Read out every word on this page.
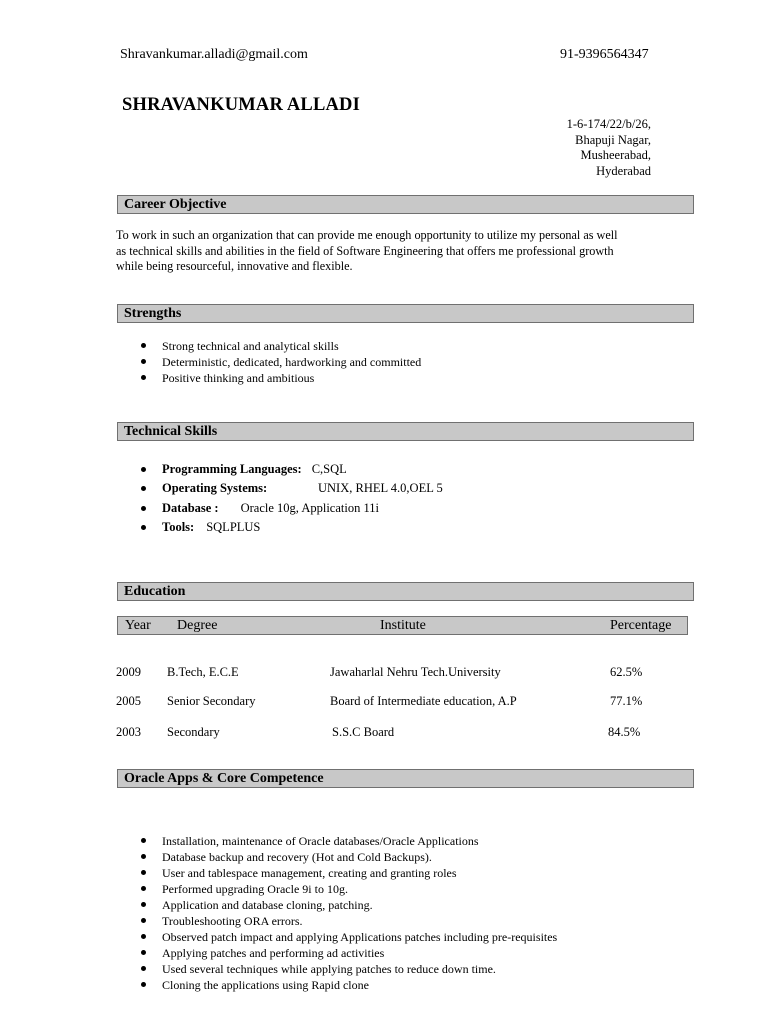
Shravankumar.alladi@gmail.com	91-9396564347
SHRAVANKUMAR ALLADI
1-6-174/22/b/26,
Bhapuji Nagar,
Musheerabad,
Hyderabad
Career Objective
To work in such an organization that can provide me enough opportunity to utilize my personal as well
as technical skills and abilities in the field of Software Engineering that offers me professional growth
while being resourceful, innovative and flexible.
Strengths
Strong technical and analytical skills
Deterministic, dedicated, hardworking and committed
Positive thinking and ambitious
Technical Skills
Programming Languages: C,SQL
Operating Systems:	UNIX, RHEL 4.0,OEL 5
Database : Oracle 10g, Application 11i
Tools: SQLPLUS
Education
Year Degree	Institute	Percentage
2009 B.Tech, E.C.E	Jawaharlal Nehru Tech.University	62.5%
2005 Senior Secondary	Board of Intermediate education, A.P	77.1%
2003 Secondary	S.S.C Board	84.5%
Oracle Apps & Core Competence
Installation, maintenance of Oracle databases/Oracle Applications
Database backup and recovery (Hot and Cold Backups).
User and tablespace management, creating and granting roles
Performed upgrading Oracle 9i to 10g.
Application and database cloning, patching.
Troubleshooting ORA errors.
Observed patch impact and applying Applications patches including pre-requisites
Applying patches and performing ad activities
Used several techniques while applying patches to reduce down time.
Cloning the applications using Rapid clone
